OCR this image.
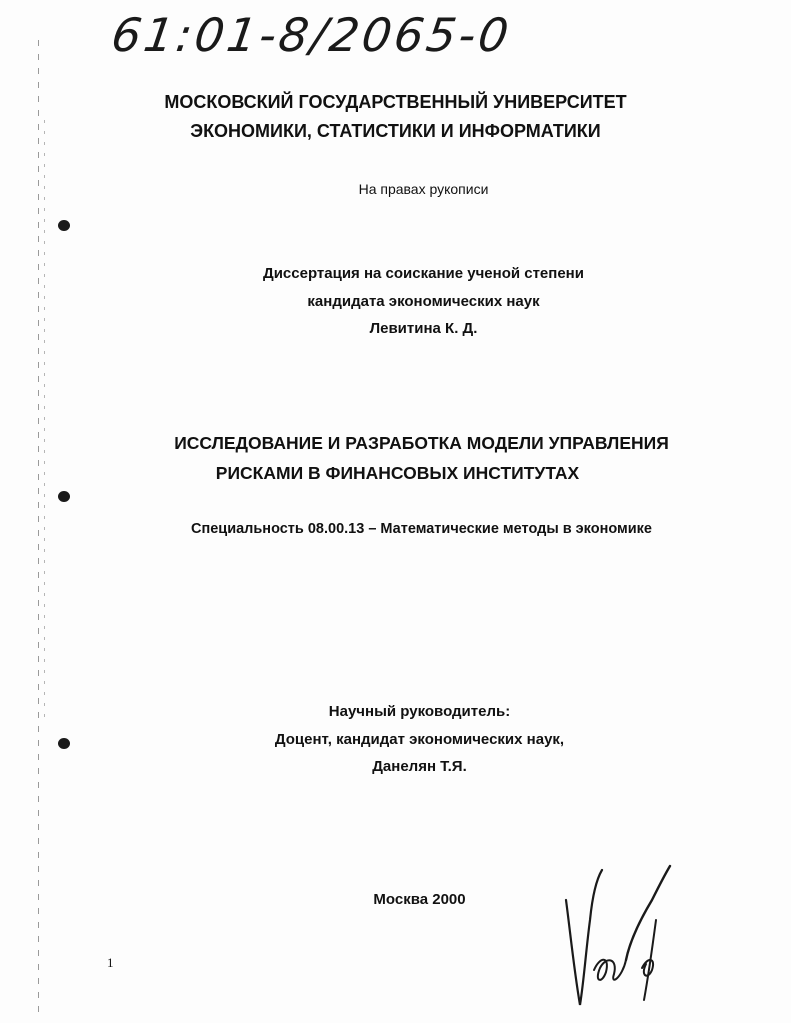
61:01-8/2065-0
МОСКОВСКИЙ ГОСУДАРСТВЕННЫЙ УНИВЕРСИТЕТ
ЭКОНОМИКИ, СТАТИСТИКИ И ИНФОРМАТИКИ
На правах рукописи
Диссертация на соискание ученой степени
кандидата экономических наук
Левитина К. Д.
ИССЛЕДОВАНИЕ И РАЗРАБОТКА МОДЕЛИ УПРАВЛЕНИЯ
РИСКАМИ В ФИНАНСОВЫХ ИНСТИТУТАХ
Специальность 08.00.13 – Математические методы в экономике
Научный руководитель:
Доцент, кандидат экономических наук,
Данелян Т.Я.
Москва 2000
1
